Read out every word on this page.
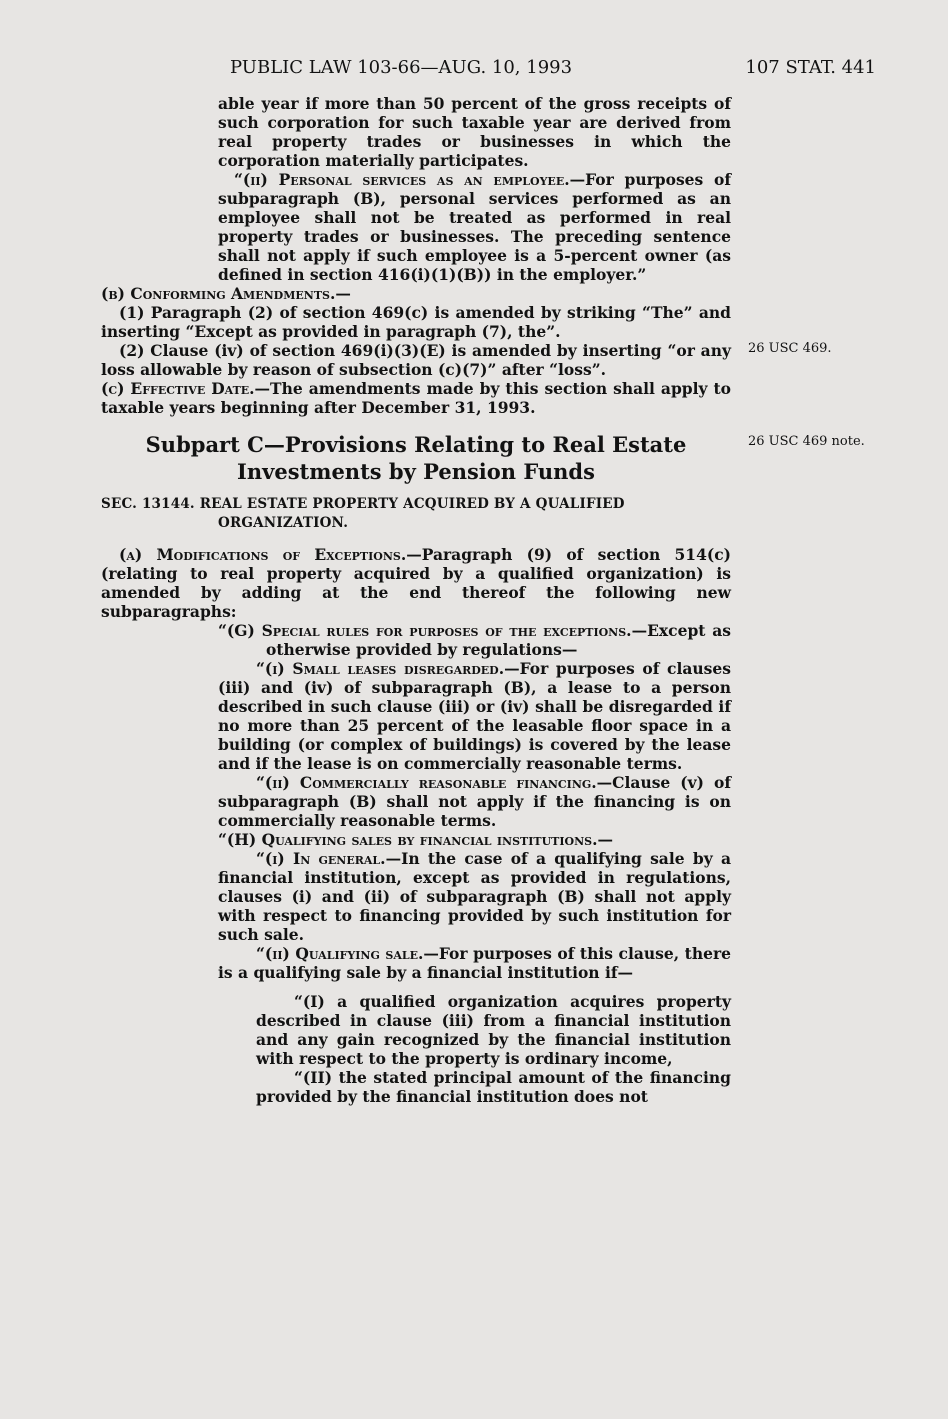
PUBLIC LAW 103-66—AUG. 10, 1993	107 STAT. 441
26 USC 469.
26 USC 469 note.

able year if more than 50 percent of the gross receipts of such corporation for such taxable year are derived from real property trades or businesses in which the corporation materially participates.

“(ii) Personal services as an employee.—For purposes of subparagraph (B), personal services performed as an employee shall not be treated as performed in real property trades or businesses. The preceding sentence shall not apply if such employee is a 5-percent owner (as defined in section 416(i)(1)(B)) in the employer.”

(b) Conforming Amendments.—

(1) Paragraph (2) of section 469(c) is amended by striking “The” and inserting “Except as provided in paragraph (7), the”.

(2) Clause (iv) of section 469(i)(3)(E) is amended by inserting “or any loss allowable by reason of subsection (c)(7)” after “loss”.

(c) Effective Date.—The amendments made by this section shall apply to taxable years beginning after December 31, 1993.

Subpart C—Provisions Relating to Real Estate
Investments by Pension Funds
SEC. 13144. REAL ESTATE PROPERTY ACQUIRED BY A QUALIFIED
ORGANIZATION.

(a) Modifications of Exceptions.—Paragraph (9) of section 514(c) (relating to real property acquired by a qualified organization) is amended by adding at the end thereof the following new subparagraphs:

“(G) Special rules for purposes of the exceptions.—Except as otherwise provided by regulations—

“(i) Small leases disregarded.—For purposes of clauses (iii) and (iv) of subparagraph (B), a lease to a person described in such clause (iii) or (iv) shall be disregarded if no more than 25 percent of the leasable floor space in a building (or complex of buildings) is covered by the lease and if the lease is on commercially reasonable terms.

“(ii) Commercially reasonable financing.—Clause (v) of subparagraph (B) shall not apply if the financing is on commercially reasonable terms.

“(H) Qualifying sales by financial institutions.—

“(i) In general.—In the case of a qualifying sale by a financial institution, except as provided in regulations, clauses (i) and (ii) of subparagraph (B) shall not apply with respect to financing provided by such institution for such sale.

“(ii) Qualifying sale.—For purposes of this clause, there is a qualifying sale by a financial institution if—

“(I) a qualified organization acquires property described in clause (iii) from a financial institution and any gain recognized by the financial institution with respect to the property is ordinary income,

“(II) the stated principal amount of the financing provided by the financial institution does not
